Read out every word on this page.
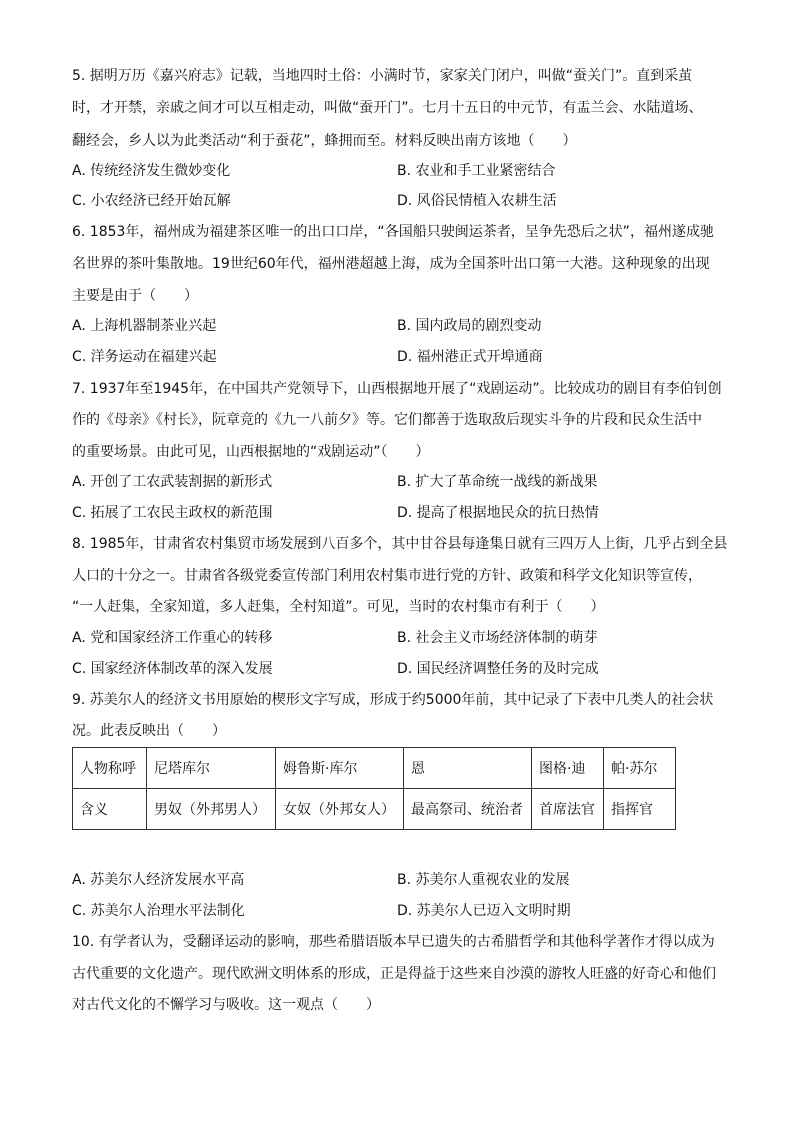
5. 据明万历《嘉兴府志》记载，当地四时土俗：小满时节，家家关门闭户，叫做“蚕关门”。直到采茧
时，才开禁，亲戚之间才可以互相走动，叫做“蚕开门”。七月十五日的中元节，有盂兰会、水陆道场、
翻经会，乡人以为此类活动“利于蚕花”，蜂拥而至。材料反映出南方该地（　　）
A. 传统经济发生微妙变化	B. 农业和手工业紧密结合
C. 小农经济已经开始瓦解	D. 风俗民情植入农耕生活
6. 1853年，福州成为福建茶区唯一的出口口岸，“各国船只驶闽运茶者，呈争先恐后之状”，福州遂成驰
名世界的茶叶集散地。19世纪60年代，福州港超越上海，成为全国茶叶出口第一大港。这种现象的出现
主要是由于（　　）
A. 上海机器制茶业兴起	B. 国内政局的剧烈变动
C. 洋务运动在福建兴起	D. 福州港正式开埠通商
7. 1937年至1945年，在中国共产党领导下，山西根据地开展了“戏剧运动”。比较成功的剧目有李伯钊创
作的《母亲》《村长》，阮章竞的《九一八前夕》等。它们都善于选取敌后现实斗争的片段和民众生活中
的重要场景。由此可见，山西根据地的“戏剧运动”（　　）
A. 开创了工农武装割据的新形式	B. 扩大了革命统一战线的新战果
C. 拓展了工农民主政权的新范围	D. 提高了根据地民众的抗日热情
8. 1985年，甘肃省农村集贸市场发展到八百多个，其中甘谷县每逢集日就有三四万人上街，几乎占到全县
人口的十分之一。甘肃省各级党委宣传部门利用农村集市进行党的方针、政策和科学文化知识等宣传，
“一人赶集，全家知道，多人赶集，全村知道”。可见，当时的农村集市有利于（　　）
A. 党和国家经济工作重心的转移	B. 社会主义市场经济体制的萌芽
C. 国家经济体制改革的深入发展	D. 国民经济调整任务的及时完成
9. 苏美尔人的经济文书用原始的楔形文字写成，形成于约5000年前，其中记录了下表中几类人的社会状
况。此表反映出（　　）
人物称呼	尼塔库尔	姆鲁斯·库尔	恩	图格·迪	帕·苏尔
含义	男奴（外邦男人）	女奴（外邦女人）	最高祭司、统治者	首席法官	指挥官
A. 苏美尔人经济发展水平高	B. 苏美尔人重视农业的发展
C. 苏美尔人治理水平法制化	D. 苏美尔人已迈入文明时期
10. 有学者认为，受翻译运动的影响，那些希腊语版本早已遗失的古希腊哲学和其他科学著作才得以成为
古代重要的文化遗产。现代欧洲文明体系的形成，正是得益于这些来自沙漠的游牧人旺盛的好奇心和他们
对古代文化的不懈学习与吸收。这一观点（　　）
